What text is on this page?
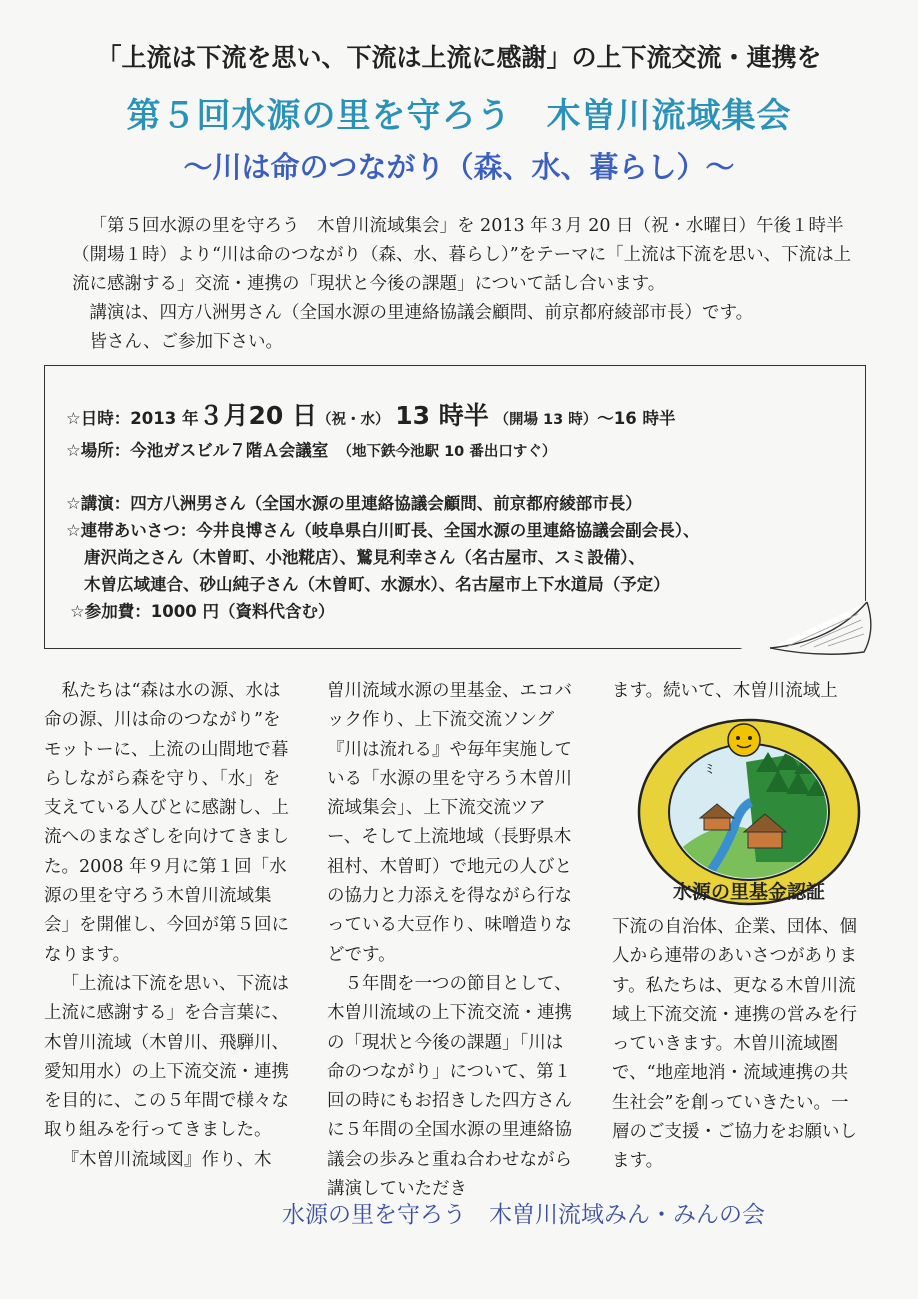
「上流は下流を思い、下流は上流に感謝」の上下流交流・連携を
第５回水源の里を守ろう　木曽川流域集会
～川は命のつながり（森、水、暮らし）～

「第５回水源の里を守ろう　木曽川流域集会」を 2013 年３月 20 日（祝・水曜日）午後１時半（開場１時）より“川は命のつながり（森、水、暮らし）”をテーマに「上流は下流を思い、下流は上流に感謝する」交流・連携の「現状と今後の課題」について話し合います。

講演は、四方八洲男さん（全国水源の里連絡協議会顧問、前京都府綾部市長）です。

皆さん、ご参加下さい。

☆日時：2013 年３月20 日（祝・水） 13 時半 （開場 13 時）～16 時半
☆場所：今池ガスビル７階Ａ会議室　（地下鉄今池駅 10 番出口すぐ）
☆講演：四方八洲男さん（全国水源の里連絡協議会顧問、前京都府綾部市長）
☆連帯あいさつ：今井良博さん（岐阜県白川町長、全国水源の里連絡協議会副会長）、
唐沢尚之さん（木曽町、小池糀店）、鷲見利幸さん（名古屋市、スミ設備）、
木曽広域連合、砂山純子さん（木曽町、水源水）、名古屋市上下水道局（予定）
☆参加費：1000 円（資料代含む）

私たちは“森は水の源、水は命の源、川は命のつながり”をモットーに、上流の山間地で暮らしながら森を守り、「水」を支えている人びとに感謝し、上流へのまなざしを向けてきました。2008 年９月に第１回「水源の里を守ろう木曽川流域集会」を開催し、今回が第５回になります。

「上流は下流を思い、下流は上流に感謝する」を合言葉に、木曽川流域（木曽川、飛騨川、愛知用水）の上下流交流・連携を目的に、この５年間で様々な取り組みを行ってきました。

『木曽川流域図』作り、木

曽川流域水源の里基金、エコバック作り、上下流交流ソング『川は流れる』や毎年実施している「水源の里を守ろう木曽川流域集会」、上下流交流ツアー、そして上流地域（長野県木祖村、木曽町）で地元の人びとの協力と力添えを得ながら行なっている大豆作り、味噌造りなどです。

５年間を一つの節目として、木曽川流域の上下流交流・連携の「現状と今後の課題」「川は命のつながり」について、第１回の時にもお招きした四方さんに５年間の全国水源の里連絡協議会の歩みと重ね合わせながら講演していただき

ます。続いて、木曽川流域上
ﾐ
水源の里基金認証
下流の自治体、企業、団体、個人から連帯のあいさつがあります。私たちは、更なる木曽川流域上下流交流・連携の営みを行っていきます。木曽川流域圏で、“地産地消・流域連携の共生社会”を創っていきたい。一層のご支援・ご協力をお願いします。
水源の里を守ろう　木曽川流域みん・みんの会
